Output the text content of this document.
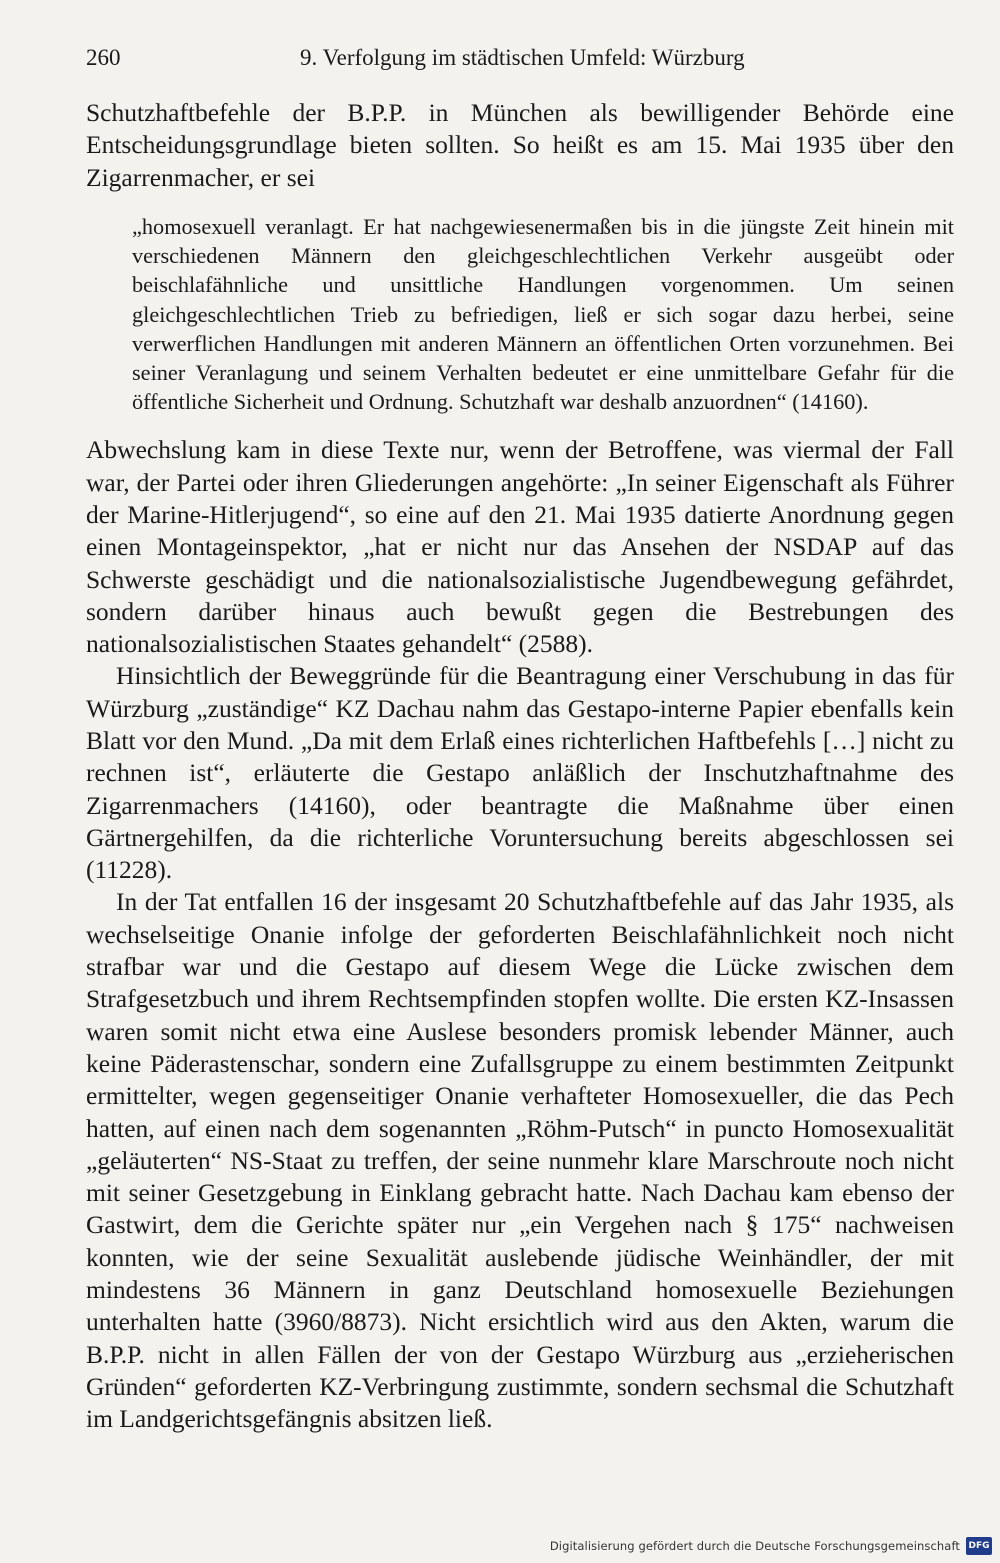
260	9. Verfolgung im städtischen Umfeld: Würzburg

Schutzhaftbefehle der B.P.P. in München als bewilligender Behörde eine Entscheidungsgrundlage bieten sollten. So heißt es am 15. Mai 1935 über den Zigarrenmacher, er sei

„homosexuell veranlagt. Er hat nachgewiesenermaßen bis in die jüngste Zeit hinein mit verschiedenen Männern den gleichgeschlechtlichen Verkehr ausgeübt oder beischlafähnliche und unsittliche Handlungen vorgenommen. Um seinen gleichgeschlechtlichen Trieb zu befriedigen, ließ er sich sogar dazu herbei, seine verwerflichen Handlungen mit anderen Männern an öffentlichen Orten vorzunehmen. Bei seiner Veranlagung und seinem Verhalten bedeutet er eine unmittelbare Gefahr für die öffentliche Sicherheit und Ordnung. Schutzhaft war deshalb anzuordnen“ (14160).

Abwechslung kam in diese Texte nur, wenn der Betroffene, was viermal der Fall war, der Partei oder ihren Gliederungen angehörte: „In seiner Eigenschaft als Führer der Marine-Hitlerjugend“, so eine auf den 21. Mai 1935 datierte Anordnung gegen einen Montageinspektor, „hat er nicht nur das Ansehen der NSDAP auf das Schwerste geschädigt und die nationalsozialistische Jugendbewegung gefährdet, sondern darüber hinaus auch bewußt gegen die Bestrebungen des nationalsozialistischen Staates gehandelt“ (2588).

Hinsichtlich der Beweggründe für die Beantragung einer Verschubung in das für Würzburg „zuständige“ KZ Dachau nahm das Gestapo-interne Papier ebenfalls kein Blatt vor den Mund. „Da mit dem Erlaß eines richterlichen Haftbefehls […] nicht zu rechnen ist“, erläuterte die Gestapo anläßlich der Inschutzhaftnahme des Zigarrenmachers (14160), oder beantragte die Maßnahme über einen Gärtnergehilfen, da die richterliche Voruntersuchung bereits abgeschlossen sei (11228).

In der Tat entfallen 16 der insgesamt 20 Schutzhaftbefehle auf das Jahr 1935, als wechselseitige Onanie infolge der geforderten Beischlafähnlichkeit noch nicht strafbar war und die Gestapo auf diesem Wege die Lücke zwischen dem Strafgesetzbuch und ihrem Rechtsempfinden stopfen wollte. Die ersten KZ-Insassen waren somit nicht etwa eine Auslese besonders promisk lebender Männer, auch keine Päderastenschar, sondern eine Zufallsgruppe zu einem bestimmten Zeitpunkt ermittelter, wegen gegenseitiger Onanie verhafteter Homosexueller, die das Pech hatten, auf einen nach dem sogenannten „Röhm-Putsch“ in puncto Homosexualität „geläuterten“ NS-Staat zu treffen, der seine nunmehr klare Marschroute noch nicht mit seiner Gesetzgebung in Einklang gebracht hatte. Nach Dachau kam ebenso der Gastwirt, dem die Gerichte später nur „ein Vergehen nach § 175“ nachweisen konnten, wie der seine Sexualität auslebende jüdische Weinhändler, der mit mindestens 36 Männern in ganz Deutschland homosexuelle Beziehungen unterhalten hatte (3960/8873). Nicht ersichtlich wird aus den Akten, warum die B.P.P. nicht in allen Fällen der von der Gestapo Würzburg aus „erzieherischen Gründen“ geforderten KZ-Verbringung zustimmte, sondern sechsmal die Schutzhaft im Landgerichtsgefängnis absitzen ließ.

Digitalisierung gefördert durch die Deutsche Forschungsgemeinschaft DFG
